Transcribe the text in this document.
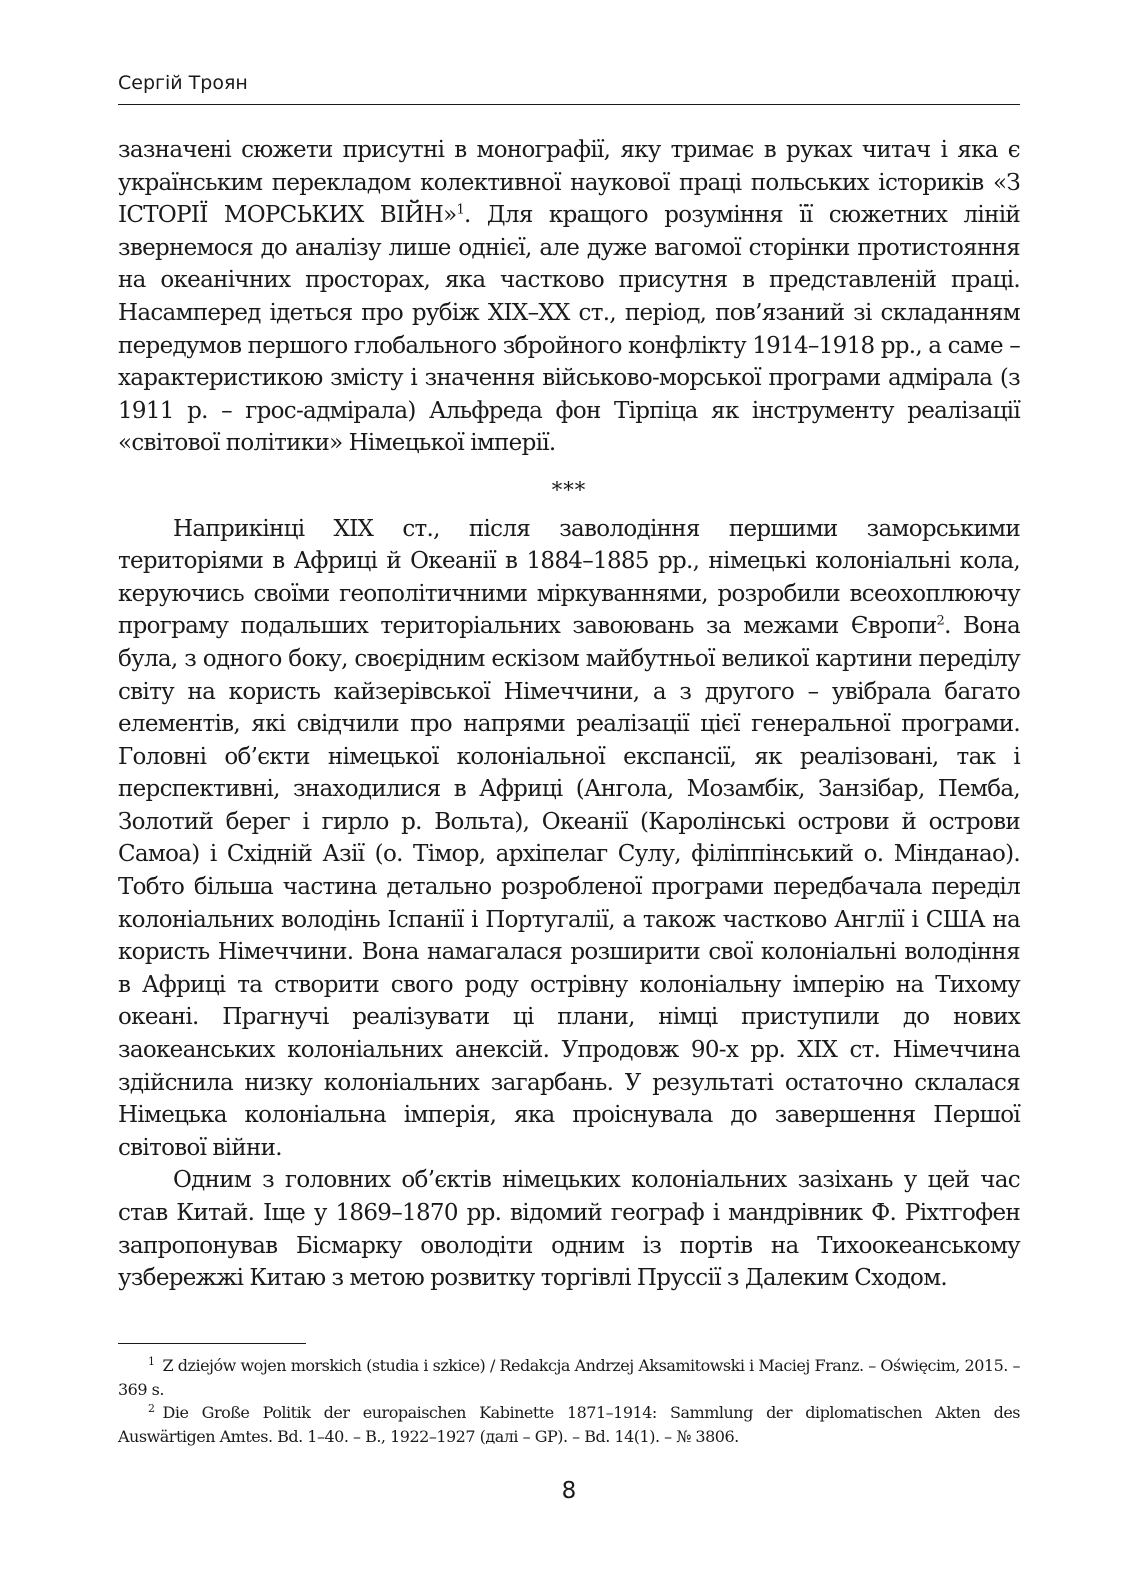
Сергій Троян

зазначені сюжети присутні в монографії, яку тримає в руках читач і яка є українським перекладом колективної наукової праці польських істориків «З ІСТОРІЇ МОРСЬКИХ ВІЙН»$^1$. Для кращого розуміння її сюжетних ліній звернемося до аналізу лише однієї, але дуже вагомої сторінки протистояння на океанічних просторах, яка частково присутня в представленій праці. Насамперед ідеться про рубіж XIX–XX ст., період, пов’язаний зі складанням передумов першого глобального збройного конфлікту 1914–1918 рр., а саме – характеристикою змісту і значення військово-морської програми адмірала (з 1911 р. – грос-адмірала) Альфреда фон Тірпіца як інструменту реалізації «світової політики» Німецької імперії.

***

Наприкінці XIX ст., після заволодіння першими заморськими територіями в Африці й Океанії в 1884–1885 рр., німецькі колоніальні кола, керуючись своїми геополітичними міркуваннями, розробили всеохоплюючу програму подальших територіальних завоювань за межами Європи$^2$. Вона була, з одного боку, своєрідним ескізом майбутньої великої картини переділу світу на користь кайзерівської Німеччини, а з другого – увібрала багато елементів, які свідчили про напрями реалізації цієї генеральної програми. Головні об’єкти німецької колоніальної експансії, як реалізовані, так і перспективні, знаходилися в Африці (Ангола, Мозамбік, Занзібар, Пемба, Золотий берег і гирло р. Вольта), Океанії (Каролінські острови й острови Самоа) і Східній Азії (о. Тімор, архіпелаг Сулу, філіппінський о. Мінданао). Тобто більша частина детально розробленої програми передбачала переділ колоніальних володінь Іспанії і Португалії, а також частково Англії і США на користь Німеччини. Вона намагалася розширити свої колоніальні володіння в Африці та створити свого роду острівну колоніальну імперію на Тихому океані. Прагнучі реалізувати ці плани, німці приступили до нових заокеанських колоніальних анексій. Упродовж 90-х рр. XIX ст. Німеччина здійснила низку колоніальних загарбань. У результаті остаточно склалася Німецька колоніальна імперія, яка проіснувала до завершення Першої світової війни.

Одним з головних об’єктів німецьких колоніальних зазіхань у цей час став Китай. Іще у 1869–1870 рр. відомий географ і мандрівник Ф. Ріхтгофен запропонував Бісмарку оволодіти одним із портів на Тихоокеанському узбережжі Китаю з метою розвитку торгівлі Пруссії з Далеким Сходом.

$^1$ Z dziejów wojen morskich (studia i szkice) / Redakcja Andrzej Aksamitowski i Maciej Franz. – Oświęcim, 2015. – 369 s.

$^2$ Die Große Politik der europaischen Kabinette 1871–1914: Sammlung der diplomatischen Akten des Auswärtigen Amtes. Bd. 1–40. – B., 1922–1927 (далі – GP). – Bd. 14(1). – № 3806.

8
